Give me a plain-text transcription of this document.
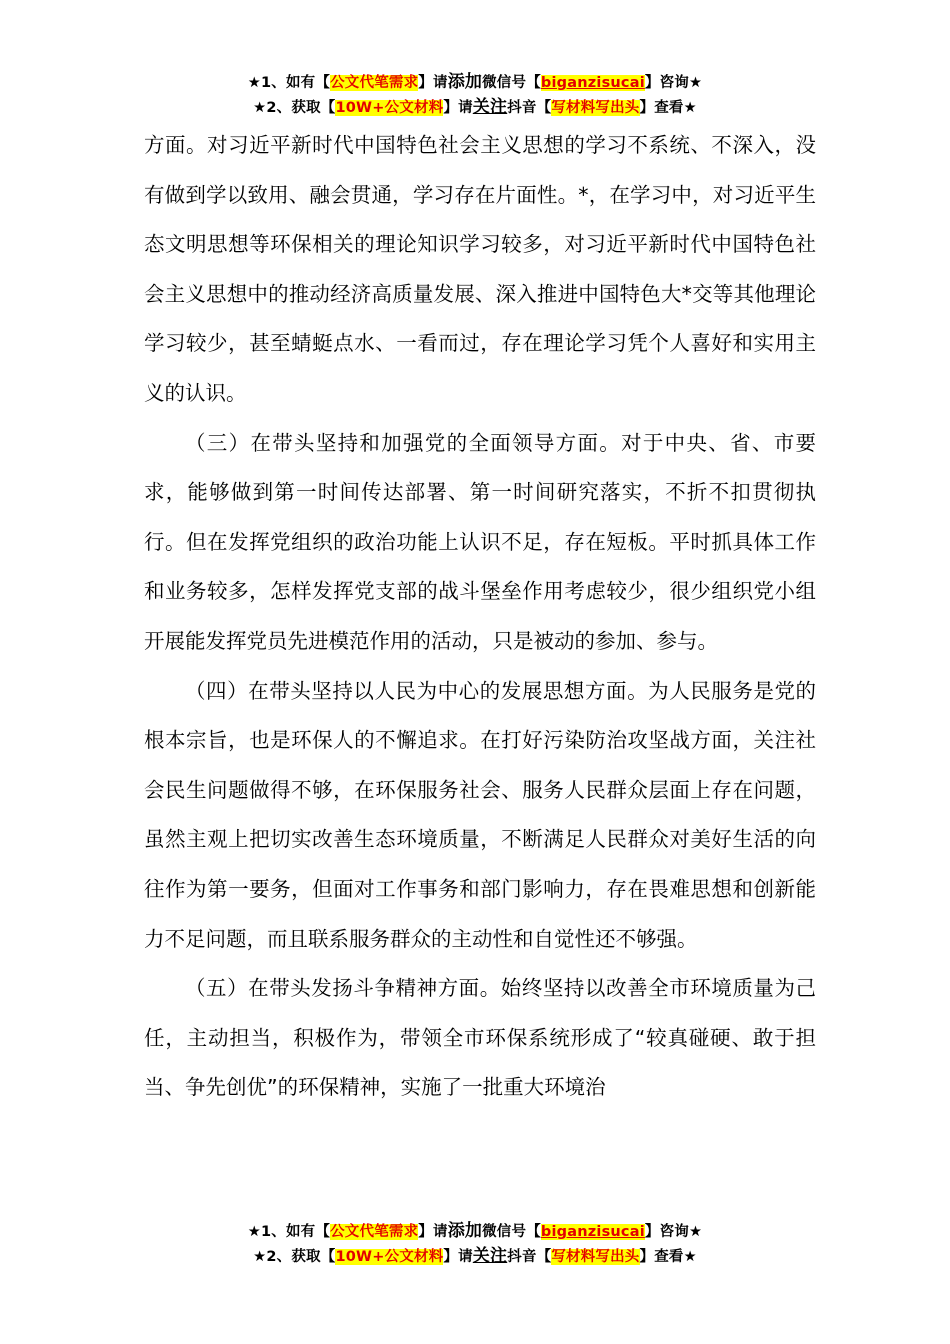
★1、如有【公文代笔需求】请添加微信号【biganzisucai】咨询★
★2、获取【10W+公文材料】请关注抖音【写材料写出头】查看★

方面。对习近平新时代中国特色社会主义思想的学习不系统、不深入，没有做到学以致用、融会贯通，学习存在片面性。*，在学习中，对习近平生态文明思想等环保相关的理论知识学习较多，对习近平新时代中国特色社会主义思想中的推动经济高质量发展、深入推进中国特色大*交等其他理论学习较少，甚至蜻蜓点水、一看而过，存在理论学习凭个人喜好和实用主义的认识。

（三）在带头坚持和加强党的全面领导方面。对于中央、省、市要求，能够做到第一时间传达部署、第一时间研究落实，不折不扣贯彻执行。但在发挥党组织的政治功能上认识不足，存在短板。平时抓具体工作和业务较多，怎样发挥党支部的战斗堡垒作用考虑较少，很少组织党小组开展能发挥党员先进模范作用的活动，只是被动的参加、参与。

（四）在带头坚持以人民为中心的发展思想方面。为人民服务是党的根本宗旨，也是环保人的不懈追求。在打好污染防治攻坚战方面，关注社会民生问题做得不够，在环保服务社会、服务人民群众层面上存在问题，虽然主观上把切实改善生态环境质量，不断满足人民群众对美好生活的向往作为第一要务，但面对工作事务和部门影响力，存在畏难思想和创新能力不足问题，而且联系服务群众的主动性和自觉性还不够强。

（五）在带头发扬斗争精神方面。始终坚持以改善全市环境质量为己任，主动担当，积极作为，带领全市环保系统形成了“较真碰硬、敢于担当、争先创优”的环保精神，实施了一批重大环境治

★1、如有【公文代笔需求】请添加微信号【biganzisucai】咨询★
★2、获取【10W+公文材料】请关注抖音【写材料写出头】查看★
